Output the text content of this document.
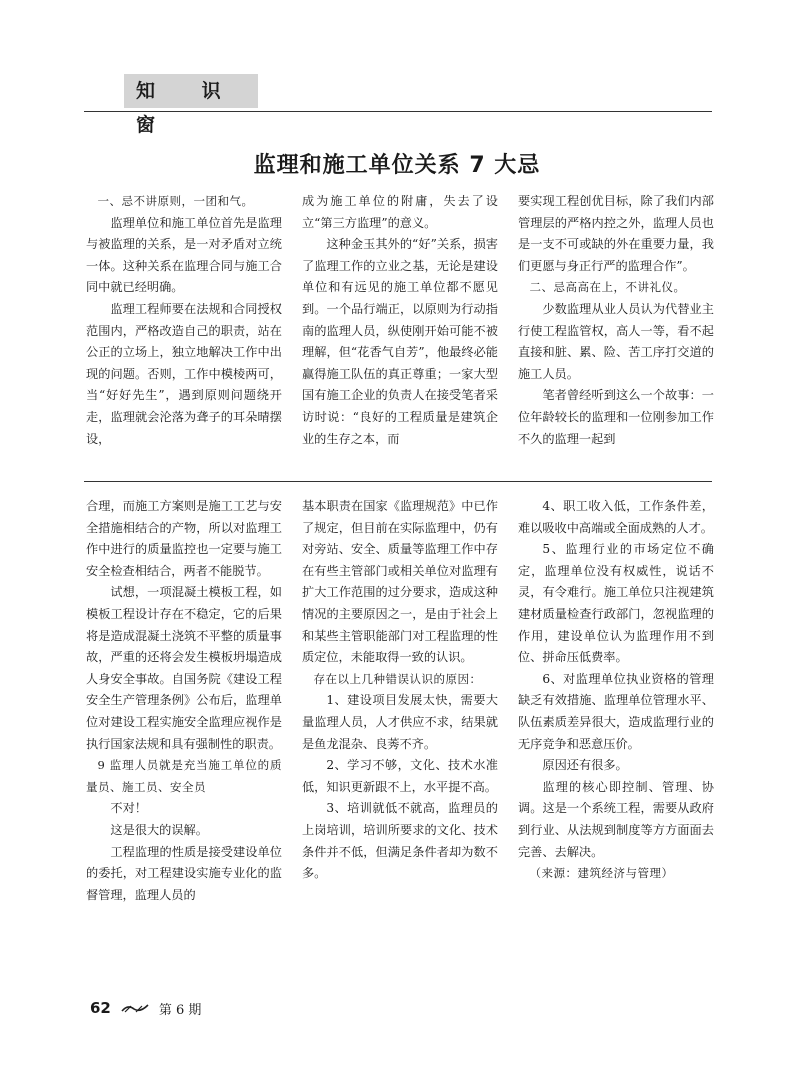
知 识 窗
监理和施工单位关系 7 大忌

一、忌不讲原则，一团和气。

监理单位和施工单位首先是监理与被监理的关系，是一对矛盾对立统一体。这种关系在监理合同与施工合同中就已经明确。

监理工程师要在法规和合同授权范围内，严格改造自己的职责，站在公正的立场上，独立地解决工作中出现的问题。否则，工作中模棱两可，当“好好先生”，遇到原则问题绕开走，监理就会沦落为聋子的耳朵晴摆设，

成为施工单位的附庸，失去了设立“第三方监理”的意义。

这种金玉其外的“好”关系，损害了监理工作的立业之基，无论是建设单位和有远见的施工单位都不愿见到。一个品行端正，以原则为行动指南的监理人员，纵使刚开始可能不被理解，但“花香气自芳”，他最终必能赢得施工队伍的真正尊重；一家大型国有施工企业的负责人在接受笔者采访时说：“良好的工程质量是建筑企业的生存之本，而

要实现工程创优目标，除了我们内部管理层的严格内控之外，监理人员也是一支不可或缺的外在重要力量，我们更愿与身正行严的监理合作”。

二、忌高高在上，不讲礼仪。

少数监理从业人员认为代替业主行使工程监管权，高人一等，看不起直接和脏、累、险、苦工序打交道的施工人员。

笔者曾经听到这么一个故事：一位年龄较长的监理和一位刚参加工作不久的监理一起到

合理，而施工方案则是施工工艺与安全措施相结合的产物，所以对监理工作中进行的质量监控也一定要与施工安全检查相结合，两者不能脱节。

试想，一项混凝土模板工程，如模板工程设计存在不稳定，它的后果将是造成混凝土浇筑不平整的质量事故，严重的还将会发生模板坍塌造成人身安全事故。自国务院《建设工程安全生产管理条例》公布后，监理单位对建设工程实施安全监理应视作是执行国家法规和具有强制性的职责。

9 监理人员就是充当施工单位的质量员、施工员、安全员

不对！

这是很大的误解。

工程监理的性质是接受建设单位的委托，对工程建设实施专业化的监督管理，监理人员的

基本职责在国家《监理规范》中已作了规定，但目前在实际监理中，仍有对旁站、安全、质量等监理工作中存在有些主管部门或相关单位对监理有扩大工作范围的过分要求，造成这种情况的主要原因之一，是由于社会上和某些主管职能部门对工程监理的性质定位，未能取得一致的认识。

存在以上几种错误认识的原因：

1、建设项目发展太快，需要大量监理人员，人才供应不求，结果就是鱼龙混杂、良莠不齐。

2、学习不够，文化、技术水准低，知识更新跟不上，水平提不高。

3、培训就低不就高，监理员的上岗培训，培训所要求的文化、技术条件并不低，但满足条件者却为数不多。

4、职工收入低，工作条件差，难以吸收中高端或全面成熟的人才。

5、监理行业的市场定位不确定，监理单位没有权威性，说话不灵，有令难行。施工单位只注视建筑建材质量检查行政部门，忽视监理的作用，建设单位认为监理作用不到位、拼命压低费率。

6、对监理单位执业资格的管理缺乏有效措施、监理单位管理水平、队伍素质差异很大，造成监理行业的无序竞争和恶意压价。

原因还有很多。

监理的核心即控制、管理、协调。这是一个系统工程，需要从政府到行业、从法规到制度等方方面面去完善、去解决。

（来源：建筑经济与管理）

62	第 6 期
